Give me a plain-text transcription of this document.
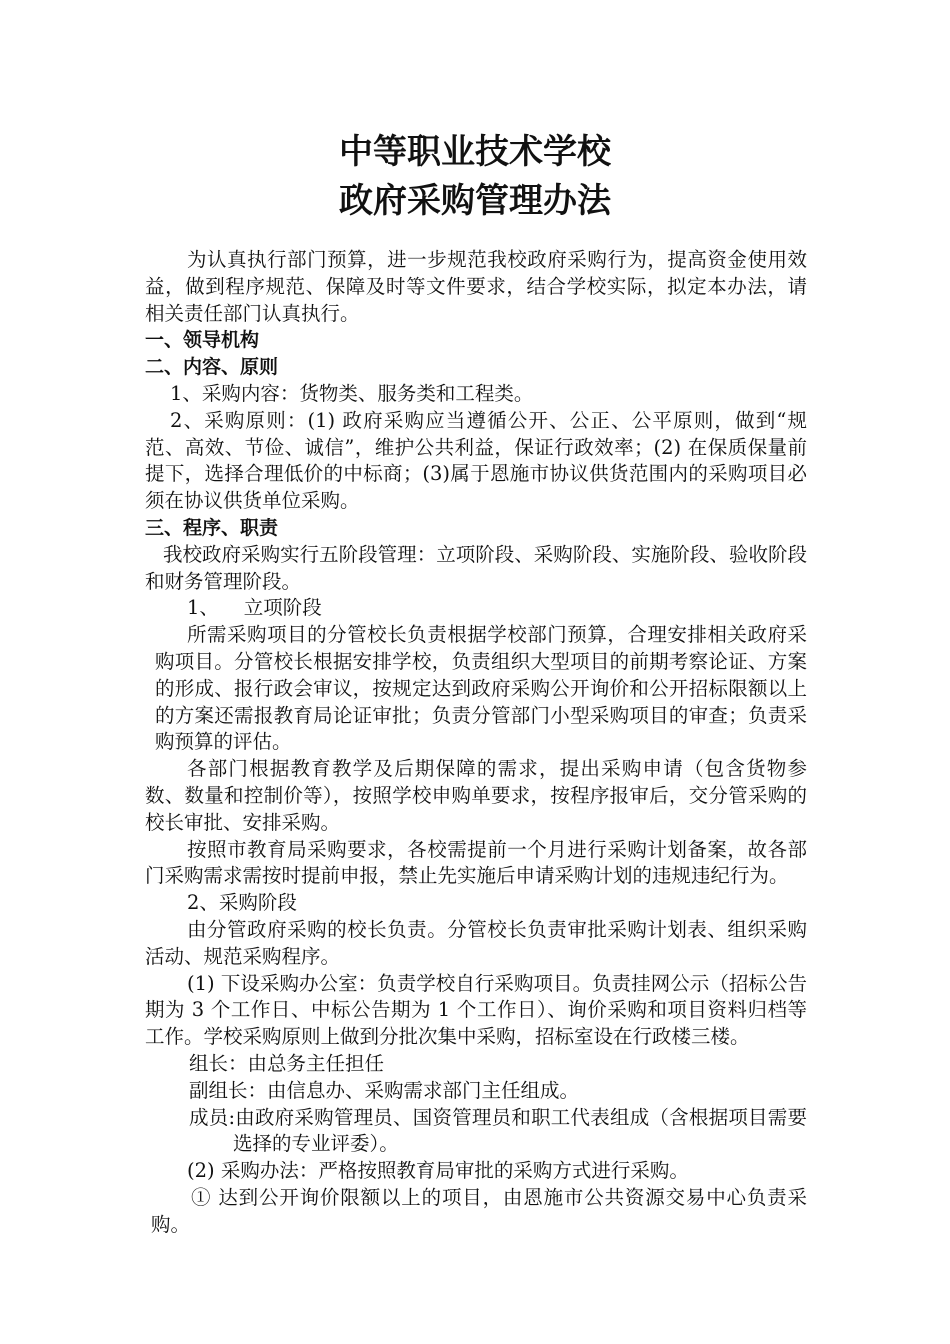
中等职业技术学校
政府采购管理办法

为认真执行部门预算，进一步规范我校政府采购行为，提高资金使用效益，做到程序规范、保障及时等文件要求，结合学校实际，拟定本办法，请相关责任部门认真执行。

一、领导机构

二、内容、原则

1、采购内容：货物类、服务类和工程类。

2、采购原则：(1) 政府采购应当遵循公开、公正、公平原则，做到“规范、高效、节俭、诚信”，维护公共利益，保证行政效率；(2) 在保质保量前提下，选择合理低价的中标商；(3)属于恩施市协议供货范围内的采购项目必须在协议供货单位采购。

三、程序、职责

我校政府采购实行五阶段管理：立项阶段、采购阶段、实施阶段、验收阶段和财务管理阶段。

1、    立项阶段

所需采购项目的分管校长负责根据学校部门预算，合理安排相关政府采购项目。分管校长根据安排学校，负责组织大型项目的前期考察论证、方案的形成、报行政会审议，按规定达到政府采购公开询价和公开招标限额以上的方案还需报教育局论证审批；负责分管部门小型采购项目的审查；负责采购预算的评估。

各部门根据教育教学及后期保障的需求，提出采购申请（包含货物参数、数量和控制价等），按照学校申购单要求，按程序报审后，交分管采购的校长审批、安排采购。

按照市教育局采购要求，各校需提前一个月进行采购计划备案，故各部门采购需求需按时提前申报，禁止先实施后申请采购计划的违规违纪行为。

2、采购阶段

由分管政府采购的校长负责。分管校长负责审批采购计划表、组织采购活动、规范采购程序。

(1) 下设采购办公室：负责学校自行采购项目。负责挂网公示（招标公告期为 3 个工作日、中标公告期为 1 个工作日）、询价采购和项目资料归档等工作。学校采购原则上做到分批次集中采购，招标室设在行政楼三楼。

组长：由总务主任担任

副组长：由信息办、采购需求部门主任组成。

成员:由政府采购管理员、国资管理员和职工代表组成（含根据项目需要选择的专业评委）。

(2) 采购办法：严格按照教育局审批的采购方式进行采购。

① 达到公开询价限额以上的项目，由恩施市公共资源交易中心负责采购。
